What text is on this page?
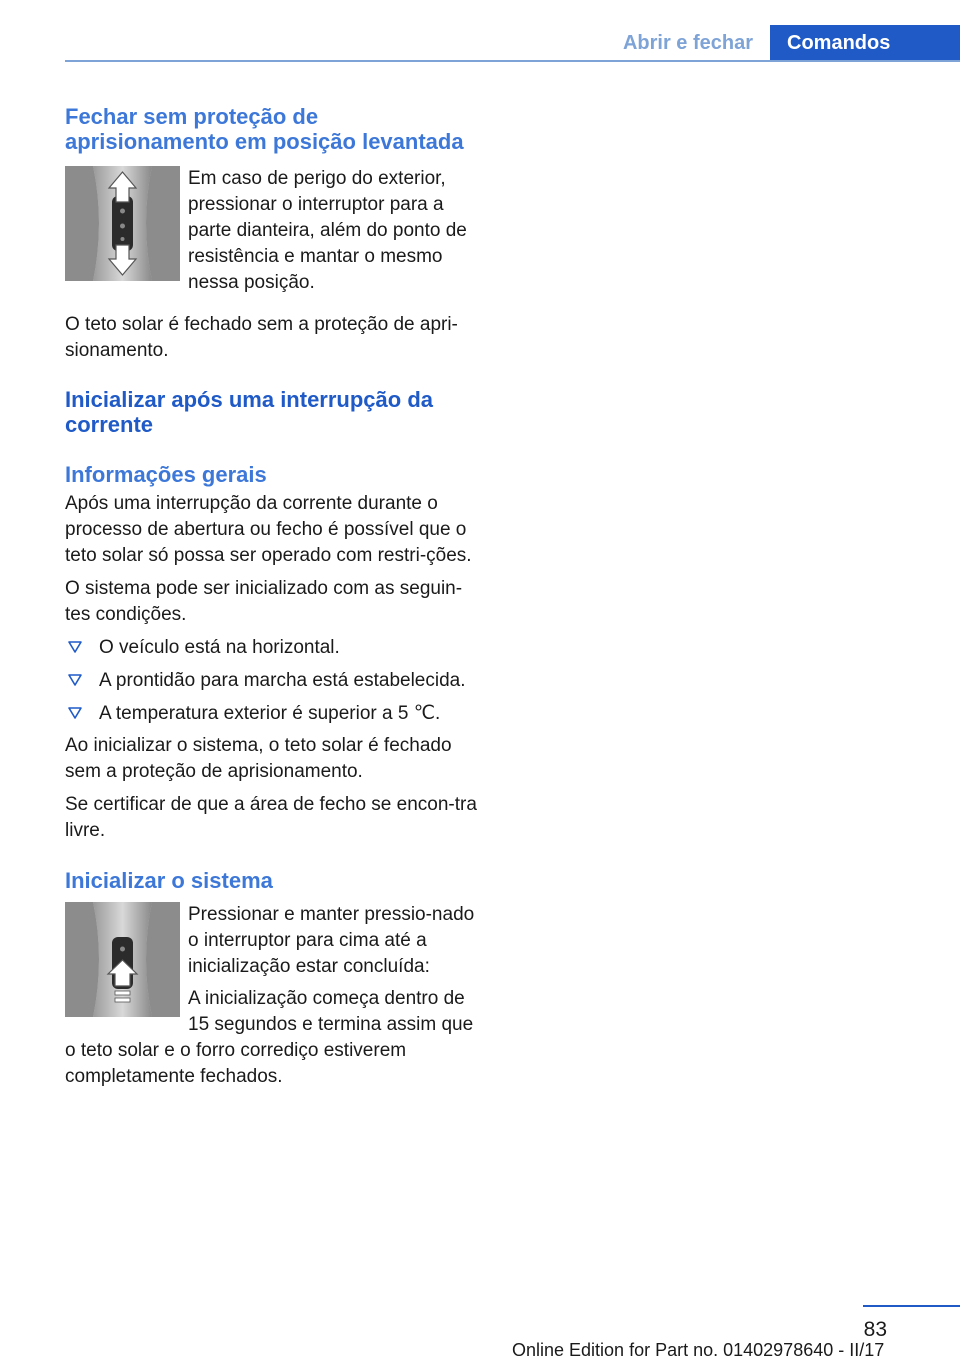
Abrir e fechar	Comandos
Fechar sem proteção de aprisionamento em posição levantada

Em caso de perigo do exterior, pressionar o interruptor para a parte dianteira, além do ponto de resistência e mantar o mesmo nessa posição.

O teto solar é fechado sem a proteção de apri-sionamento.

Inicializar após uma interrupção da corrente
Informações gerais

Após uma interrupção da corrente durante o processo de abertura ou fecho é possível que o teto solar só possa ser operado com restri-ções.

O sistema pode ser inicializado com as seguin-tes condições.

O veículo está na horizontal.
A prontidão para marcha está estabelecida.
A temperatura exterior é superior a 5 ℃.

Ao inicializar o sistema, o teto solar é fechado sem a proteção de aprisionamento.

Se certificar de que a área de fecho se encon-tra livre.

Inicializar o sistema

Pressionar e manter pressio-nado o interruptor para cima até a inicialização estar concluída:

A inicialização começa dentro de 15 segundos e termina assim que o teto solar e o forro corrediço estiverem completamente fechados.

83
Online Edition for Part no. 01402978640 - II/17
